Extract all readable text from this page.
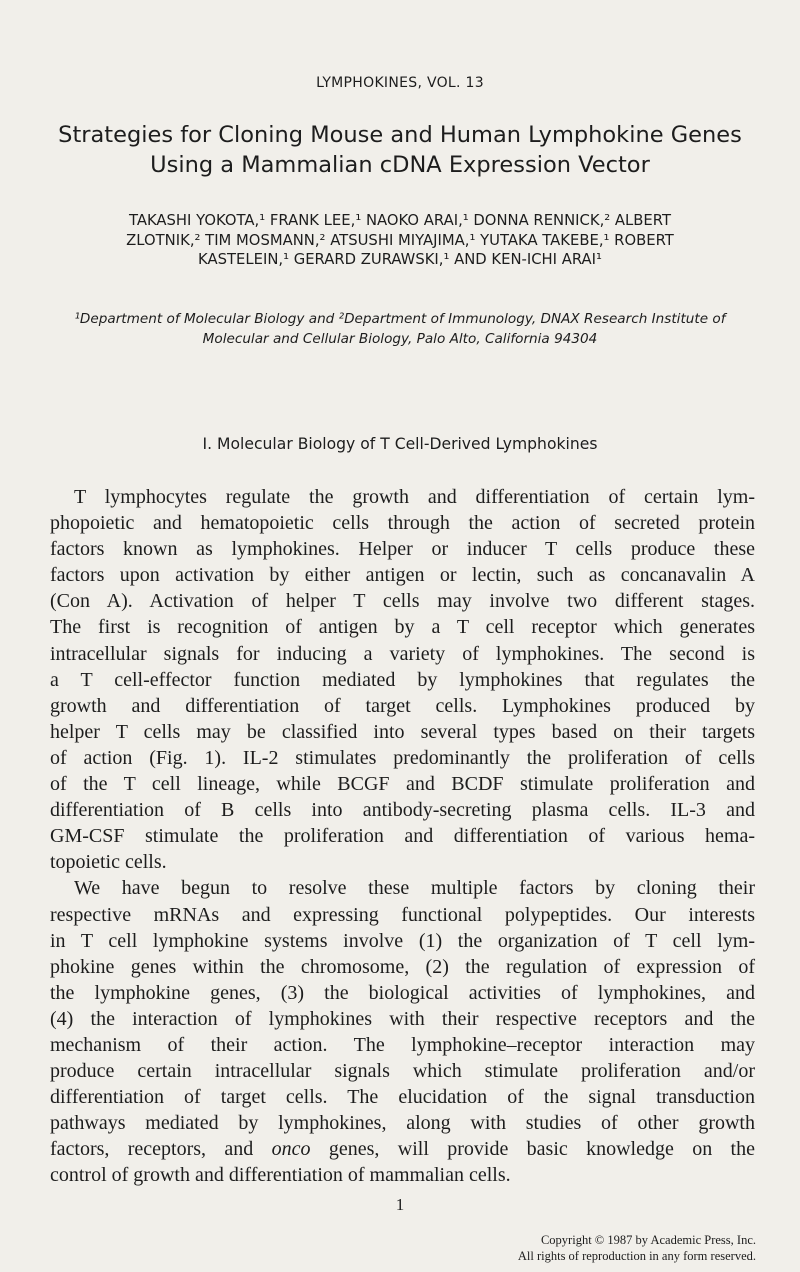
LYMPHOKINES, VOL. 13
Strategies for Cloning Mouse and Human Lymphokine Genes
Using a Mammalian cDNA Expression Vector
TAKASHI YOKOTA,¹ FRANK LEE,¹ NAOKO ARAI,¹ DONNA RENNICK,² ALBERT
ZLOTNIK,² TIM MOSMANN,² ATSUSHI MIYAJIMA,¹ YUTAKA TAKEBE,¹ ROBERT
KASTELEIN,¹ GERARD ZURAWSKI,¹ AND KEN-ICHI ARAI¹
¹Department of Molecular Biology and ²Department of Immunology, DNAX Research Institute of
Molecular and Cellular Biology, Palo Alto, California 94304
I. Molecular Biology of T Cell-Derived Lymphokines
T lymphocytes regulate the growth and differentiation of certain lym-
phopoietic and hematopoietic cells through the action of secreted protein
factors known as lymphokines. Helper or inducer T cells produce these
factors upon activation by either antigen or lectin, such as concanavalin A
(Con A). Activation of helper T cells may involve two different stages.
The first is recognition of antigen by a T cell receptor which generates
intracellular signals for inducing a variety of lymphokines. The second is
a T cell-effector function mediated by lymphokines that regulates the
growth and differentiation of target cells. Lymphokines produced by
helper T cells may be classified into several types based on their targets
of action (Fig. 1). IL-2 stimulates predominantly the proliferation of cells
of the T cell lineage, while BCGF and BCDF stimulate proliferation and
differentiation of B cells into antibody-secreting plasma cells. IL-3 and
GM-CSF stimulate the proliferation and differentiation of various hema-
topoietic cells.
We have begun to resolve these multiple factors by cloning their
respective mRNAs and expressing functional polypeptides. Our interests
in T cell lymphokine systems involve (1) the organization of T cell lym-
phokine genes within the chromosome, (2) the regulation of expression of
the lymphokine genes, (3) the biological activities of lymphokines, and
(4) the interaction of lymphokines with their respective receptors and the
mechanism of their action. The lymphokine–receptor interaction may
produce certain intracellular signals which stimulate proliferation and/or
differentiation of target cells. The elucidation of the signal transduction
pathways mediated by lymphokines, along with studies of other growth
factors, receptors, and onco genes, will provide basic knowledge on the
control of growth and differentiation of mammalian cells.
1
Copyright © 1987 by Academic Press, Inc.
All rights of reproduction in any form reserved.
